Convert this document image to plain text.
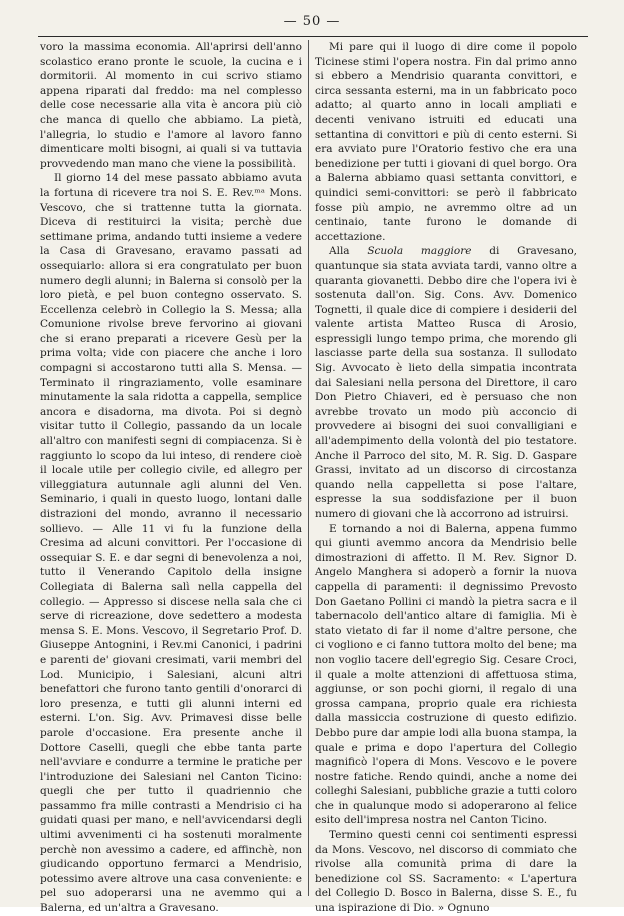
— 50 —

voro la massima economia. All'aprirsi dell'anno scolastico erano pronte le scuole, la cucina e i dormitorii. Al momento in cui scrivo stiamo appena riparati dal freddo: ma nel complesso delle cose necessarie alla vita è ancora più ciò che manca di quello che abbiamo. La pietà, l'allegria, lo studio e l'amore al lavoro fanno dimenticare molti bisogni, ai quali si va tuttavia provvedendo man mano che viene la possibilità.

Il giorno 14 del mese passato abbiamo avuta la fortuna di ricevere tra noi S. E. Rev.ᵐᵃ Mons. Vescovo, che si trattenne tutta la giornata. Diceva di restituirci la visita; perchè due settimane prima, andando tutti insieme a vedere la Casa di Gravesano, eravamo passati ad ossequiarlo: allora si era congratulato per buon numero degli alunni; in Balerna si consolò per la loro pietà, e pel buon contegno osservato. S. Eccellenza celebrò in Collegio la S. Messa; alla Comunione rivolse breve fervorino ai giovani che si erano preparati a ricevere Gesù per la prima volta; vide con piacere che anche i loro compagni si accostarono tutti alla S. Mensa. — Terminato il ringraziamento, volle esaminare minutamente la sala ridotta a cappella, semplice ancora e disadorna, ma divota. Poi si degnò visitar tutto il Collegio, passando da un locale all'altro con manifesti segni di compiacenza. Si è raggiunto lo scopo da lui inteso, di rendere cioè il locale utile per collegio civile, ed allegro per villeggiatura autunnale agli alunni del Ven. Seminario, i quali in questo luogo, lontani dalle distrazioni del mondo, avranno il necessario sollievo. — Alle 11 vi fu la funzione della Cresima ad alcuni convittori. Per l'occasione di ossequiar S. E. e dar segni di benevolenza a noi, tutto il Venerando Capitolo della insigne Collegiata di Balerna salì nella cappella del collegio. — Appresso si discese nella sala che ci serve di ricreazione, dove sedettero a modesta mensa S. E. Mons. Vescovo, il Segretario Prof. D. Giuseppe Antognini, i Rev.mi Canonici, i padrini e parenti de' giovani cresimati, varii membri del Lod. Municipio, i Salesiani, alcuni altri benefattori che furono tanto gentili d'onorarci di loro presenza, e tutti gli alunni interni ed esterni. L'on. Sig. Avv. Primavesi disse belle parole d'occasione. Era presente anche il Dottore Caselli, quegli che ebbe tanta parte nell'avviare e condurre a termine le pratiche per l'introduzione dei Salesiani nel Canton Ticino: quegli che per tutto il quadriennio che passammo fra mille contrasti a Mendrisio ci ha guidati quasi per mano, e nell'avvicendarsi degli ultimi avvenimenti ci ha sostenuti moralmente perchè non avessimo a cadere, ed affinchè, non giudicando opportuno fermarci a Mendrisio, potessimo avere altrove una casa conveniente: e pel suo adoperarsi una ne avemmo qui a Balerna, ed un'altra a Gravesano.

Mi pare qui il luogo di dire come il popolo Ticinese stimi l'opera nostra. Fin dal primo anno si ebbero a Mendrisio quaranta convittori, e circa sessanta esterni, ma in un fabbricato poco adatto; al quarto anno in locali ampliati e decenti venivano istruiti ed educati una settantina di convittori e più di cento esterni. Si era avviato pure l'Oratorio festivo che era una benedizione per tutti i giovani di quel borgo. Ora a Balerna abbiamo quasi settanta convittori, e quindici semi-convittori: se però il fabbricato fosse più ampio, ne avremmo oltre ad un centinaio, tante furono le domande di accettazione.

Alla Scuola maggiore di Gravesano, quantunque sia stata avviata tardi, vanno oltre a quaranta giovanetti. Debbo dire che l'opera ivi è sostenuta dall'on. Sig. Cons. Avv. Domenico Tognetti, il quale dice di compiere i desiderii del valente artista Matteo Rusca di Arosio, espressigli lungo tempo prima, che morendo gli lasciasse parte della sua sostanza. Il sullodato Sig. Avvocato è lieto della simpatia incontrata dai Salesiani nella persona del Direttore, il caro Don Pietro Chiaveri, ed è persuaso che non avrebbe trovato un modo più acconcio di provvedere ai bisogni dei suoi convalligiani e all'adempimento della volontà del pio testatore. Anche il Parroco del sito, M. R. Sig. D. Gaspare Grassi, invitato ad un discorso di circostanza quando nella cappelletta si pose l'altare, espresse la sua soddisfazione per il buon numero di giovani che là accorrono ad istruirsi.

E tornando a noi di Balerna, appena fummo qui giunti avemmo ancora da Mendrisio belle dimostrazioni di affetto. Il M. Rev. Signor D. Angelo Manghera si adoperò a fornir la nuova cappella di paramenti: il degnissimo Prevosto Don Gaetano Pollini ci mandò la pietra sacra e il tabernacolo dell'antico altare di famiglia. Mi è stato vietato di far il nome d'altre persone, che ci vogliono e ci fanno tuttora molto del bene; ma non voglio tacere dell'egregio Sig. Cesare Croci, il quale a molte attenzioni di affettuosa stima, aggiunse, or son pochi giorni, il regalo di una grossa campana, proprio quale era richiesta dalla massiccia costruzione di questo edifizio. Debbo pure dar ampie lodi alla buona stampa, la quale e prima e dopo l'apertura del Collegio magnificò l'opera di Mons. Vescovo e le povere nostre fatiche. Rendo quindi, anche a nome dei colleghi Salesiani, pubbliche grazie a tutti coloro che in qualunque modo si adoperarono al felice esito dell'impresa nostra nel Canton Ticino.

Termino questi cenni coi sentimenti espressi da Mons. Vescovo, nel discorso di commiato che rivolse alla comunità prima di dare la benedizione col SS. Sacramento: « L'apertura del Collegio D. Bosco in Balerna, disse S. E., fu una ispirazione di Dio. » Ognuno
